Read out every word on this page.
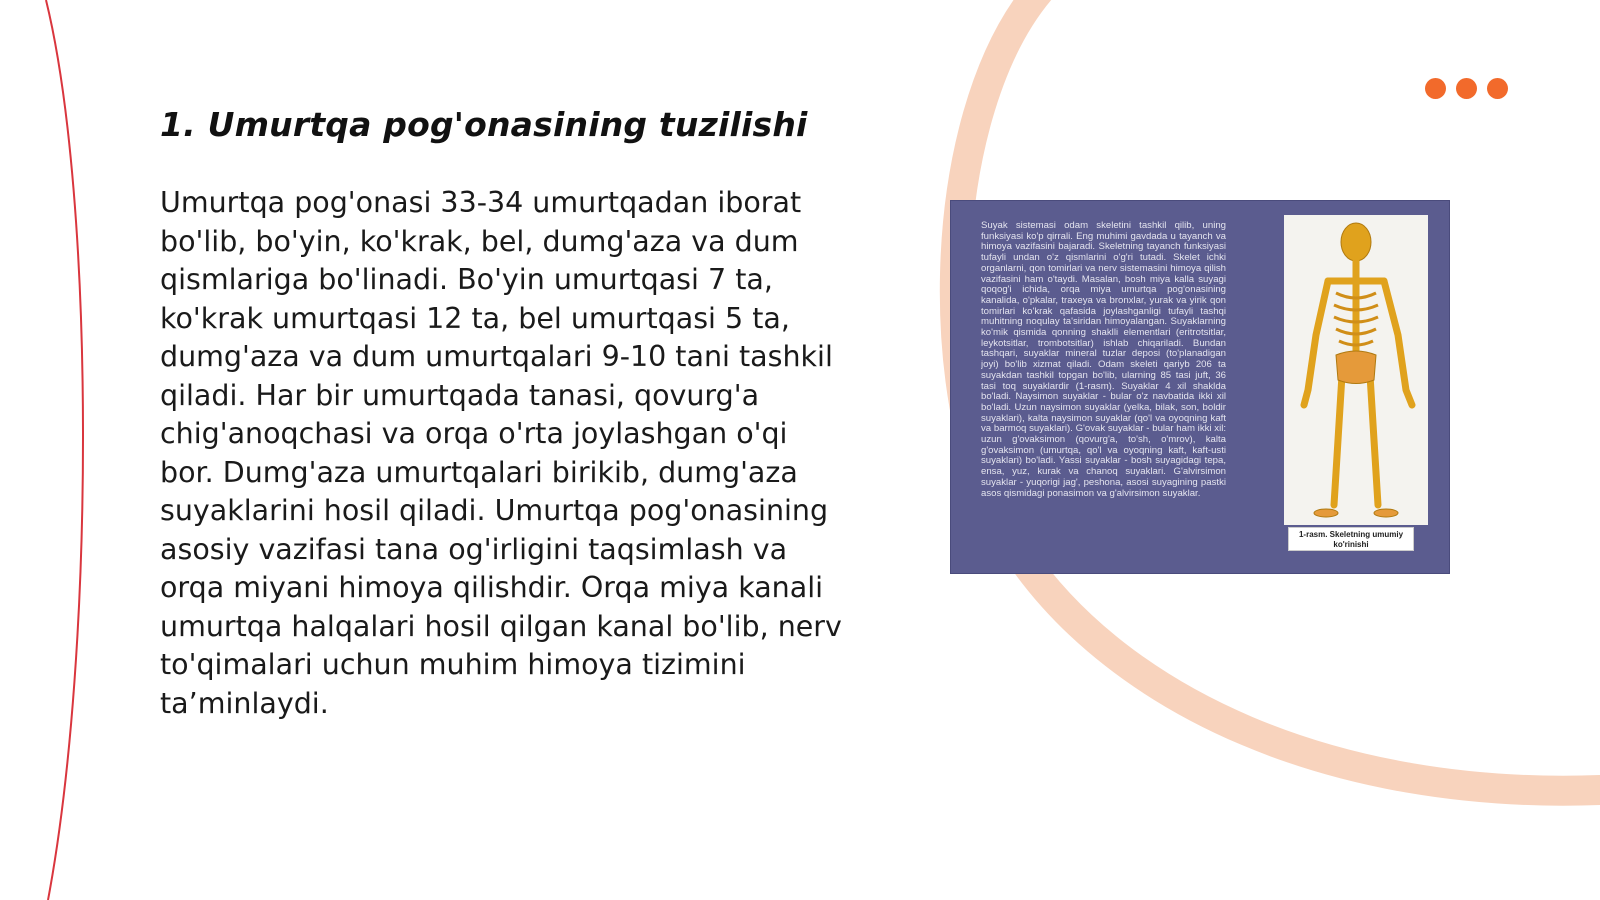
1. Umurtqa pog'onasining tuzilishi

Umurtqa pog'onasi 33-34 umurtqadan iborat bo'lib, bo'yin, ko'krak, bel, dumg'aza va dum qismlariga bo'linadi. Bo'yin umurtqasi 7 ta, ko'krak umurtqasi 12 ta, bel umurtqasi 5 ta, dumg'aza va dum umurtqalari 9-10 tani tashkil qiladi. Har bir umurtqada tanasi, qovurg'a chig'anoqchasi va orqa o'rta joylashgan o'qi bor. Dumg'aza umurtqalari birikib, dumg'aza suyaklarini hosil qiladi. Umurtqa pog'onasining asosiy vazifasi tana og'irligini taqsimlash va orqa miyani himoya qilishdir. Orqa miya kanali umurtqa halqalari hosil qilgan kanal bo'lib, nerv to'qimalari uchun muhim himoya tizimini ta’minlaydi.

Suyak sistemasi odam skeletini tashkil qilib, uning funksiyasi ko'p qirrali. Eng muhimi gavdada u tayanch va himoya vazifasini bajaradi. Skeletning tayanch funksiyasi tufayli undan o'z qismlarini o'g'ri tutadi. Skelet ichki organlarni, qon tomirlari va nerv sistemasini himoya qilish vazifasini ham o'taydi. Masalan, bosh miya kalla suyagi qoqog'i ichida, orqa miya umurtqa pog'onasining kanalida, o'pkalar, traxeya va bronxlar, yurak va yirik qon tomirlari ko'krak qafasida joylashganligi tufayli tashqi muhitning noqulay ta'siridan himoyalangan. Suyaklarning ko'mik qismida qonning shaklli elementlari (eritrotsitlar, leykotsitlar, trombotsitlar) ishlab chiqariladi. Bundan tashqari, suyaklar mineral tuzlar deposi (to'planadigan joyi) bo'lib xizmat qiladi. Odam skeleti qariyb 206 ta suyakdan tashkil topgan bo'lib, ularning 85 tasi juft, 36 tasi toq suyaklardir (1-rasm). Suyaklar 4 xil shaklda bo'ladi. Naysimon suyaklar - bular o'z navbatida ikki xil bo'ladi. Uzun naysimon suyaklar (yelka, bilak, son, boldir suyaklari), kalta naysimon suyaklar (qo'l va oyoqning kaft va barmoq suyaklari). G'ovak suyaklar - bular ham ikki xil: uzun g'ovaksimon (qovurg'a, to'sh, o'mrov), kalta g'ovaksimon (umurtqa, qo'l va oyoqning kaft, kaft-usti suyaklari) bo'ladi. Yassi suyaklar - bosh suyagidagi tepa, ensa, yuz, kurak va chanoq suyaklari. G'alvirsimon suyaklar - yuqorigi jag', peshona, asosi suyagining pastki asos qismidagi ponasimon va g'alvirsimon suyaklar.

1-rasm. Skeletning umumiy ko'rinishi
